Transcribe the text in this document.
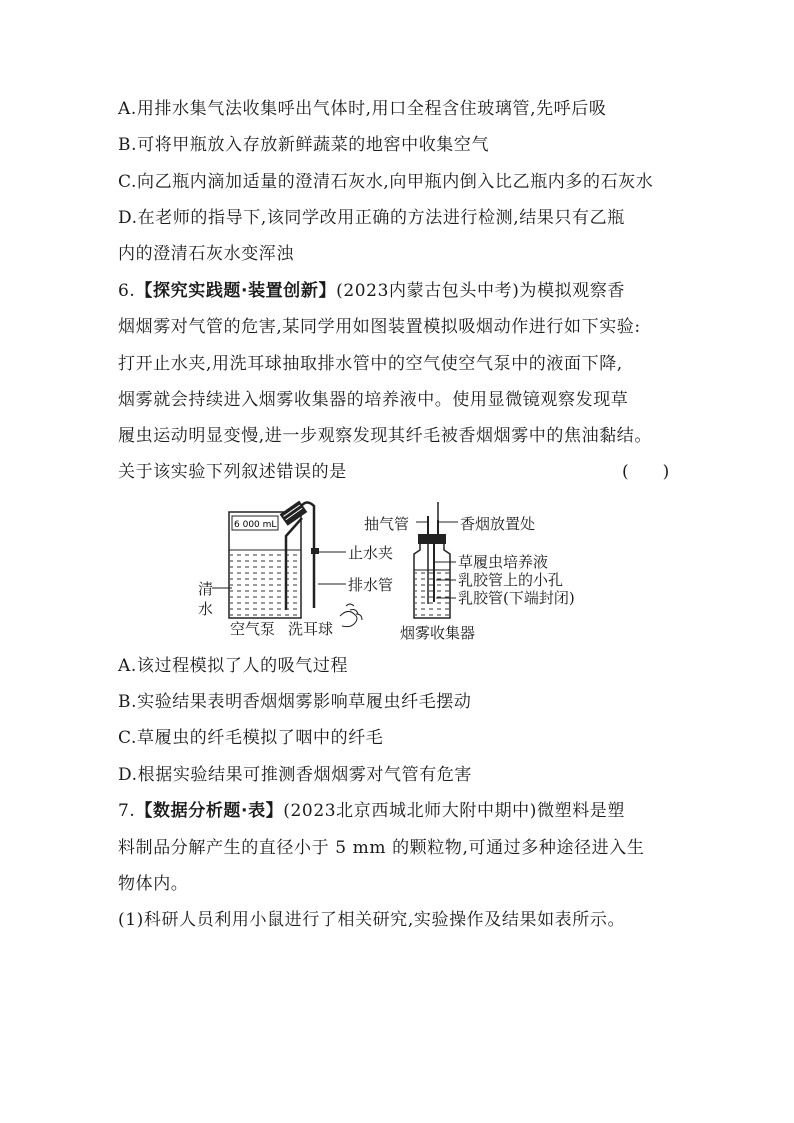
A.用排水集气法收集呼出气体时,用口全程含住玻璃管,先呼后吸
B.可将甲瓶放入存放新鲜蔬菜的地窖中收集空气
C.向乙瓶内滴加适量的澄清石灰水,向甲瓶内倒入比乙瓶内多的石灰水
D.在老师的指导下,该同学改用正确的方法进行检测,结果只有乙瓶
内的澄清石灰水变浑浊
6.【探究实践题·装置创新】(2023内蒙古包头中考)为模拟观察香
烟烟雾对气管的危害,某同学用如图装置模拟吸烟动作进行如下实验:
打开止水夹,用洗耳球抽取排水管中的空气使空气泵中的液面下降,
烟雾就会持续进入烟雾收集器的培养液中。使用显微镜观察发现草
履虫运动明显变慢,进一步观察发现其纤毛被香烟烟雾中的焦油黏结。
关于该实验下列叙述错误的是	(　　)
6 000 mL	抽气管	香烟放置处
止水夹
排水管
草履虫培养液
乳胶管上的小孔
乳胶管(下端封闭)
清
水
空气泵 洗耳球	烟雾收集器
A.该过程模拟了人的吸气过程
B.实验结果表明香烟烟雾影响草履虫纤毛摆动
C.草履虫的纤毛模拟了咽中的纤毛
D.根据实验结果可推测香烟烟雾对气管有危害
7.【数据分析题·表】(2023北京西城北师大附中期中)微塑料是塑
料制品分解产生的直径小于 5 mm 的颗粒物,可通过多种途径进入生
物体内。
(1)科研人员利用小鼠进行了相关研究,实验操作及结果如表所示。
